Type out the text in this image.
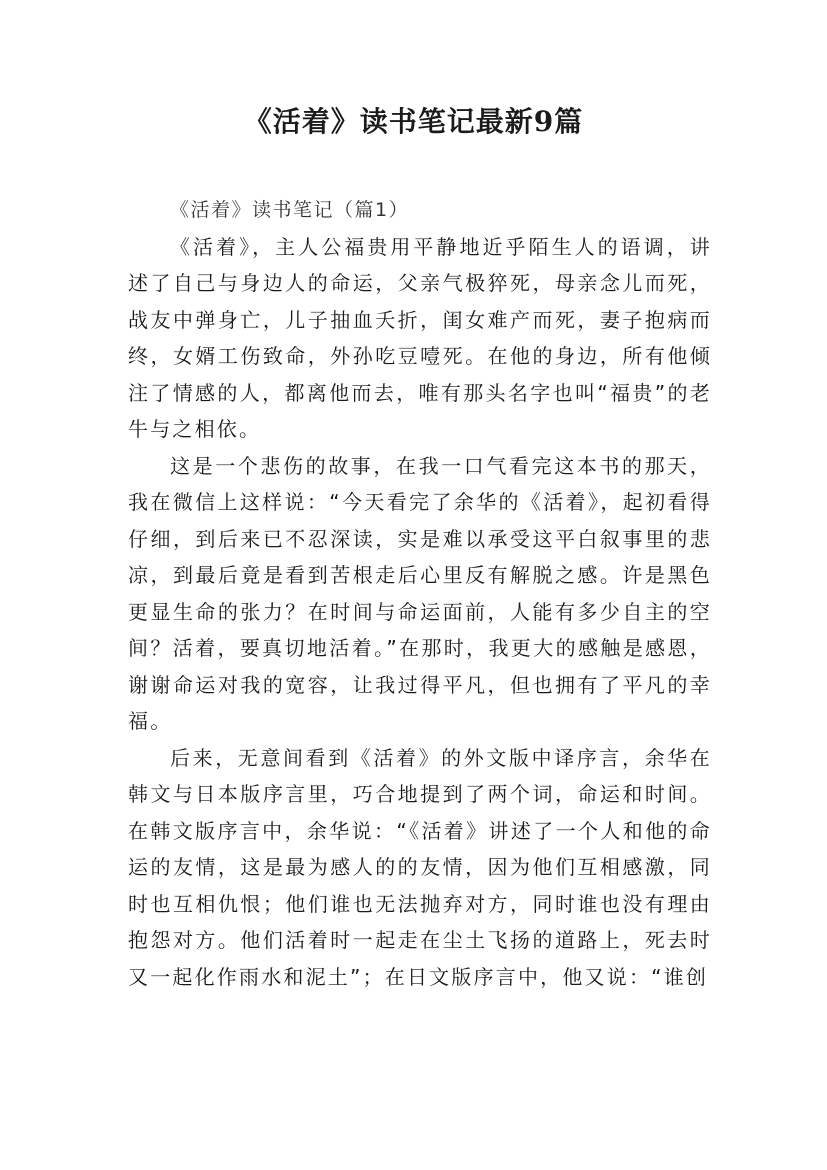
《活着》读书笔记最新9篇

《活着》读书笔记（篇1）

《活着》，主人公福贵用平静地近乎陌生人的语调，讲述了自己与身边人的命运，父亲气极猝死，母亲念儿而死，战友中弹身亡，儿子抽血夭折，闺女难产而死，妻子抱病而终，女婿工伤致命，外孙吃豆噎死。在他的身边，所有他倾注了情感的人，都离他而去，唯有那头名字也叫“福贵”的老牛与之相依。

这是一个悲伤的故事，在我一口气看完这本书的那天，我在微信上这样说：“今天看完了余华的《活着》，起初看得仔细，到后来已不忍深读，实是难以承受这平白叙事里的悲凉，到最后竟是看到苦根走后心里反有解脱之感。许是黑色更显生命的张力？在时间与命运面前，人能有多少自主的空间？活着，要真切地活着。”在那时，我更大的感触是感恩，谢谢命运对我的宽容，让我过得平凡，但也拥有了平凡的幸福。

后来，无意间看到《活着》的外文版中译序言，余华在韩文与日本版序言里，巧合地提到了两个词，命运和时间。在韩文版序言中，余华说：“《活着》讲述了一个人和他的命运的友情，这是最为感人的的友情，因为他们互相感激，同时也互相仇恨；他们谁也无法抛弃对方，同时谁也没有理由抱怨对方。他们活着时一起走在尘土飞扬的道路上，死去时又一起化作雨水和泥土”；在日文版序言中，他又说：“谁创
